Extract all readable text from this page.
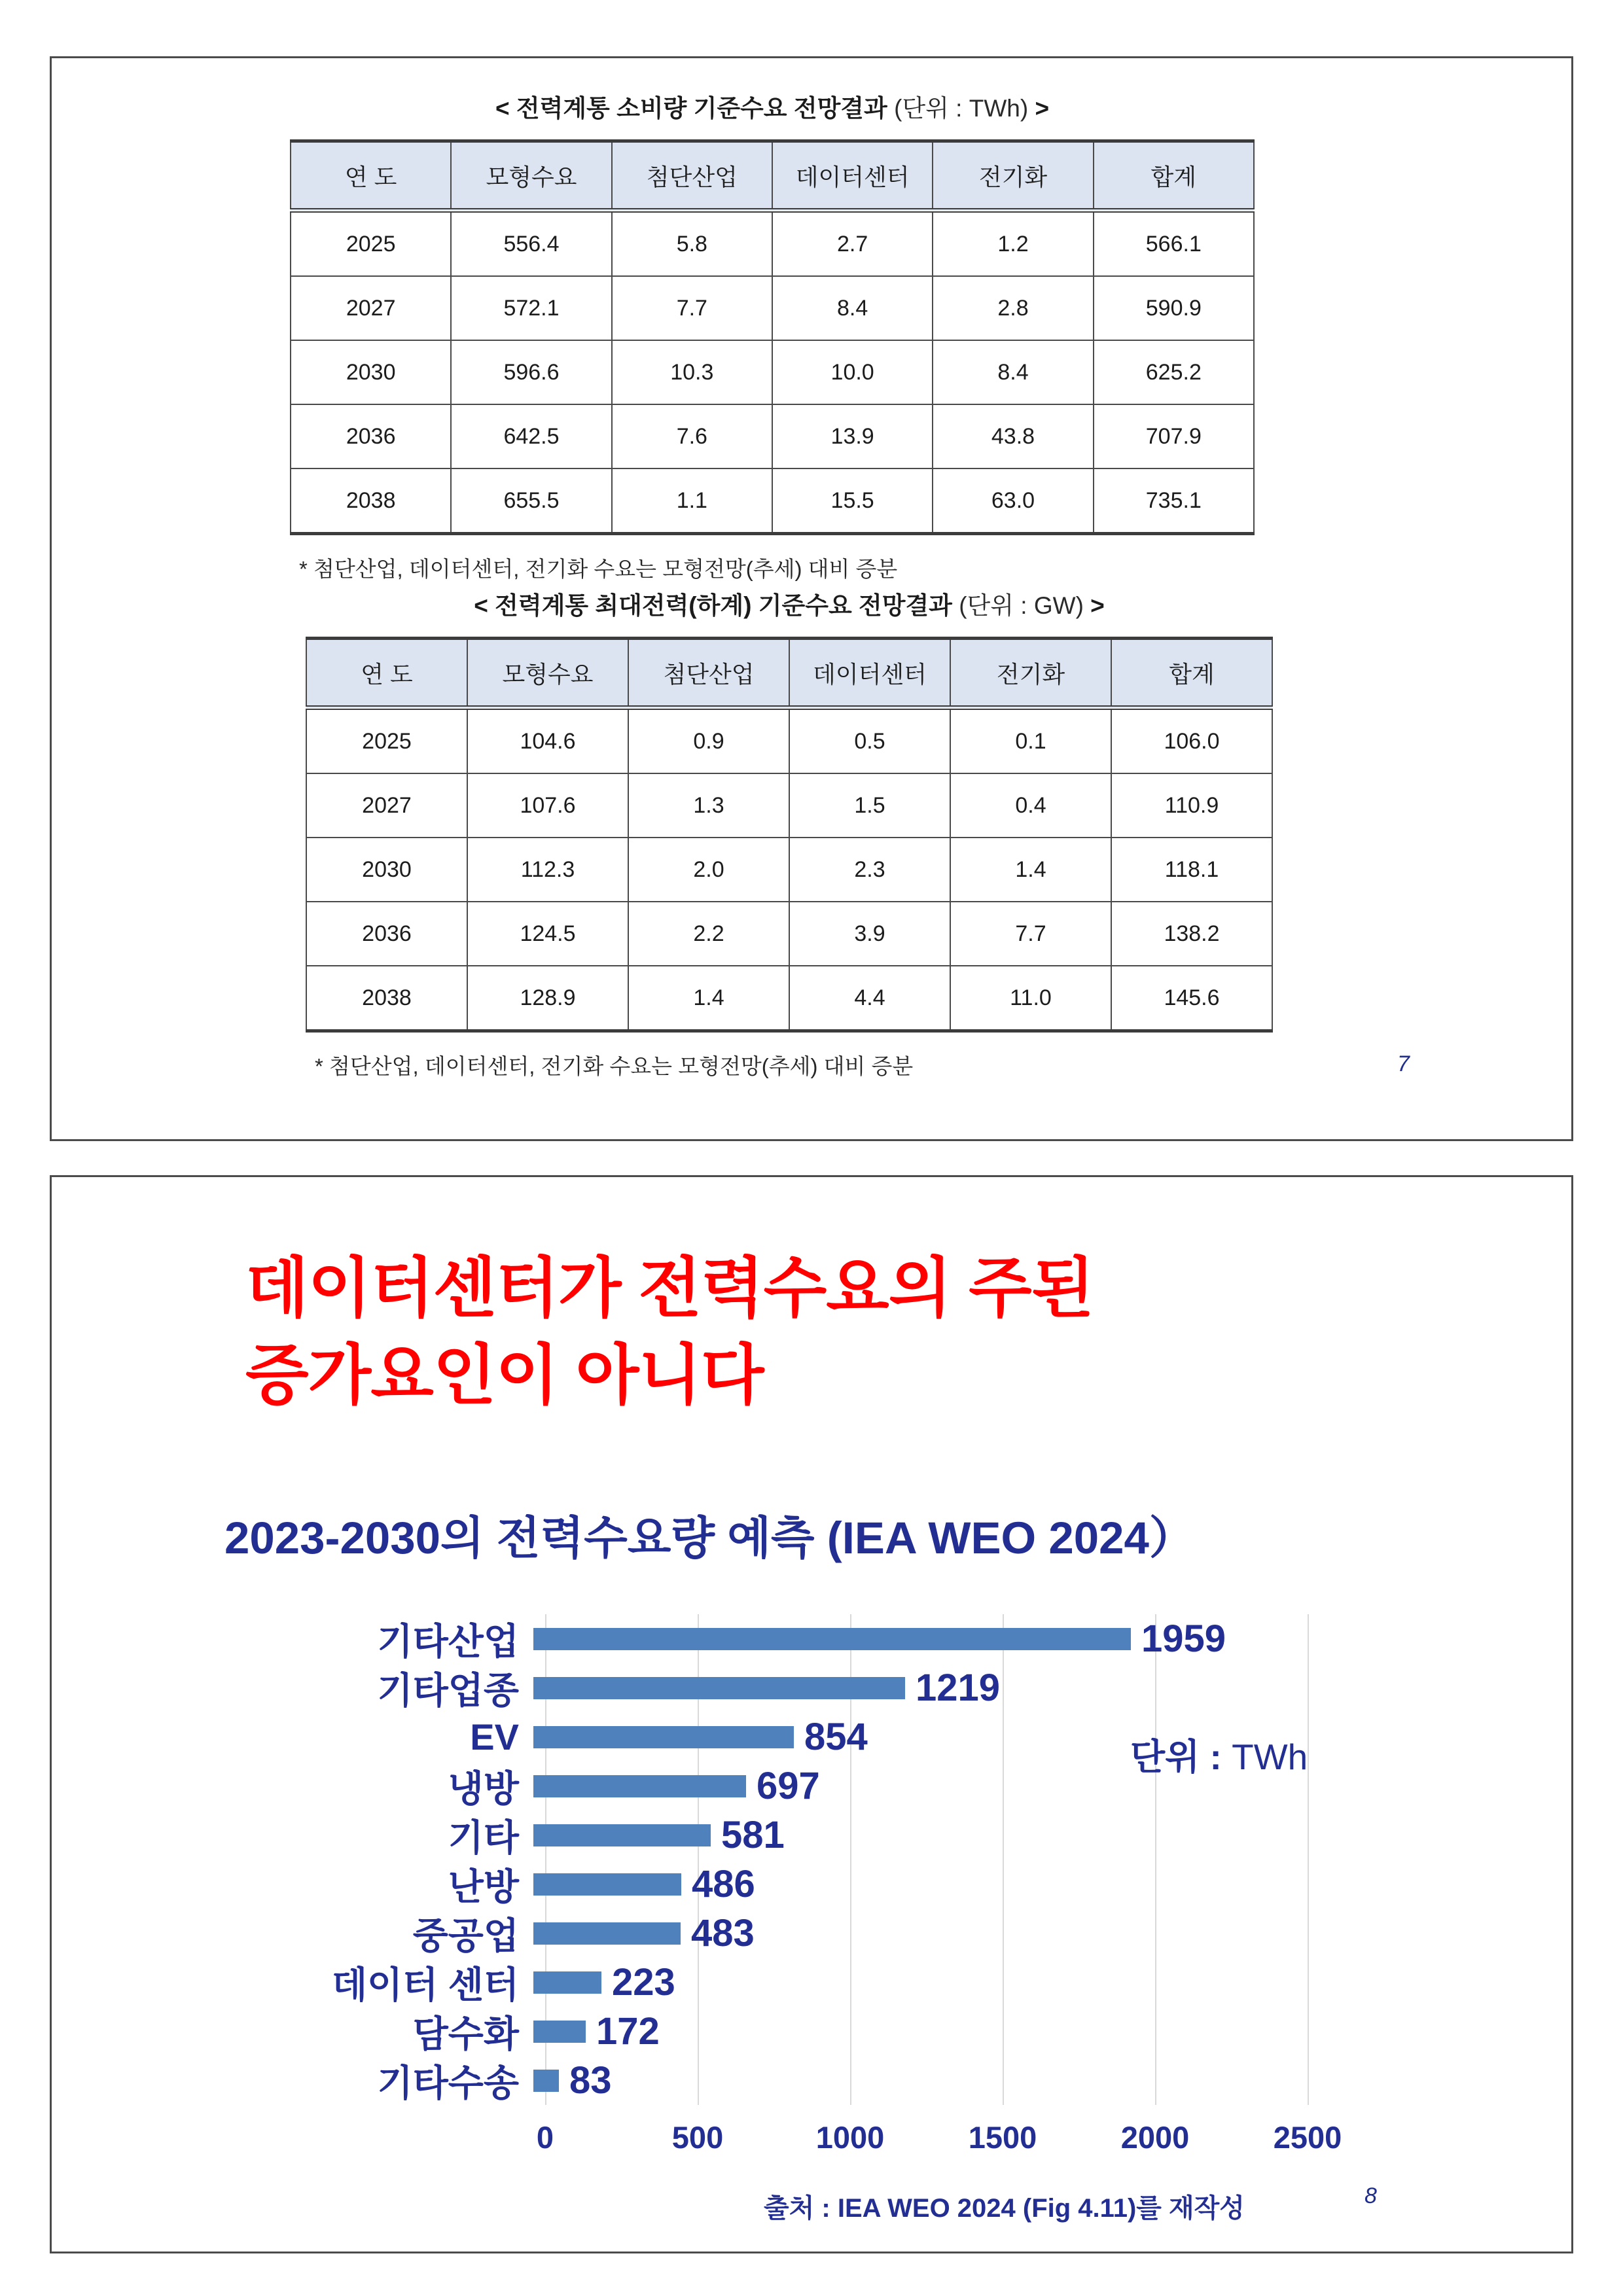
< 전력계통 소비량 기준수요 전망결과 (단위 : TWh) >
연 도	모형수요	첨단산업	데이터센터	전기화	합계
2025	556.4	5.8	2.7	1.2	566.1
2027	572.1	7.7	8.4	2.8	590.9
2030	596.6	10.3	10.0	8.4	625.2
2036	642.5	7.6	13.9	43.8	707.9
2038	655.5	1.1	15.5	63.0	735.1
* 첨단산업, 데이터센터, 전기화 수요는 모형전망(추세) 대비 증분
< 전력계통 최대전력(하계) 기준수요 전망결과 (단위 : GW) >
연 도	모형수요	첨단산업	데이터센터	전기화	합계
2025	104.6	0.9	0.5	0.1	106.0
2027	107.6	1.3	1.5	0.4	110.9
2030	112.3	2.0	2.3	1.4	118.1
2036	124.5	2.2	3.9	7.7	138.2
2038	128.9	1.4	4.4	11.0	145.6
* 첨단산업, 데이터센터, 전기화 수요는 모형전망(추세) 대비 증분	7
데이터센터가 전력수요의 주된
증가요인이 아니다
2023-2030의 전력수요량 예측 (IEA WEO 2024）
기타산업	1959
기타업종	1219
EV	854
냉방	697
기타	581
난방	486
중공업	483
데이터 센터	223
담수화	172
기타수송	83
0	500	1000	1500	2000	2500
단위 : TWh
출처 : IEA WEO 2024 (Fig 4.11)를 재작성	8
